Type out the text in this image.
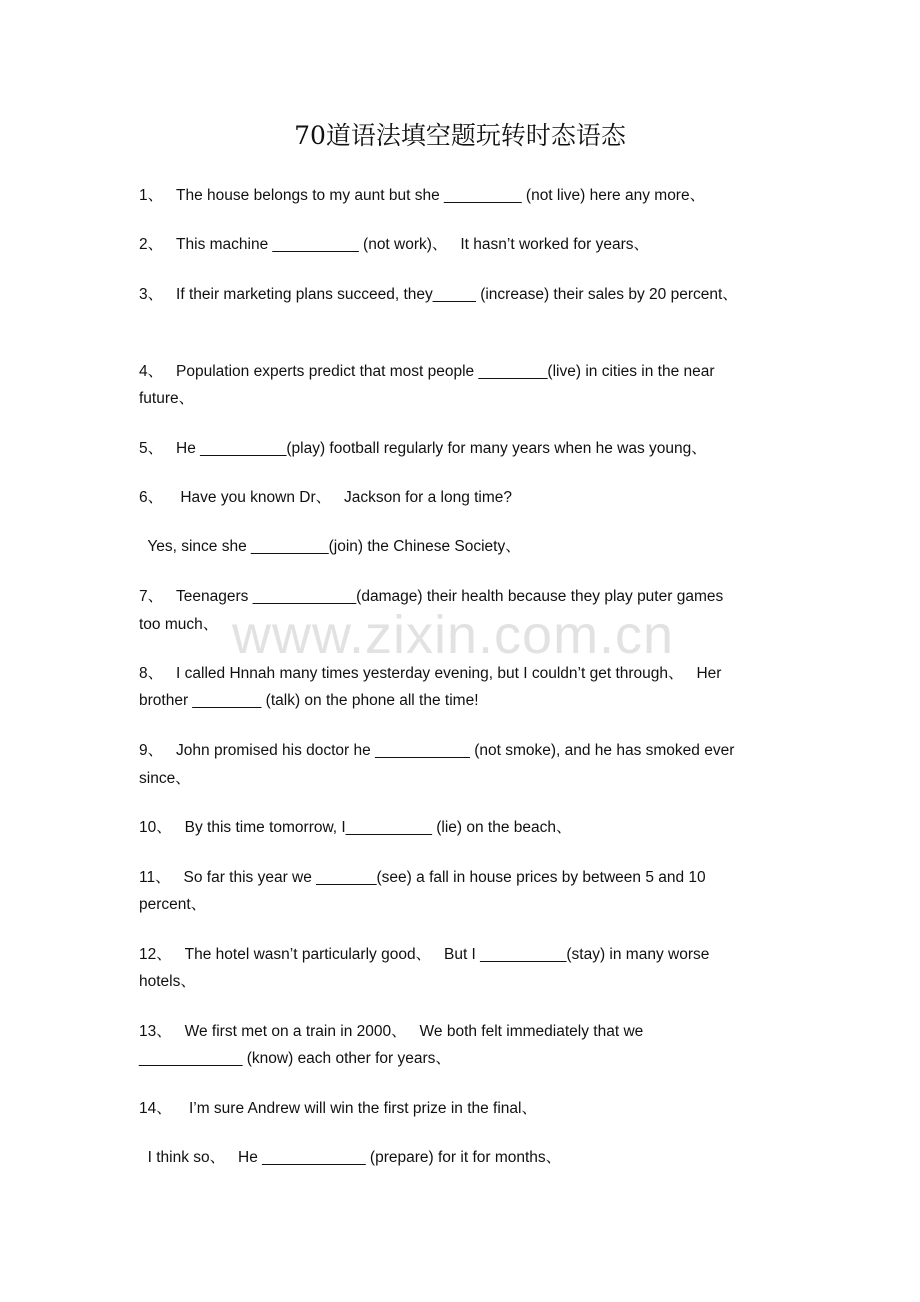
www.zixin.com.cn
70道语法填空题玩转时态语态
1、   The house belongs to my aunt but she _________ (not live) here any more、
2、   This machine __________ (not work)、   It hasn’t worked for years、
3、   If their marketing plans succeed, they_____ (increase) their sales by 20 percent、
4、   Population experts predict that most people ________(live) in cities in the near
future、
5、   He __________(play) football regularly for many years when he was young、
6、    Have you known Dr、   Jackson for a long time?
Yes, since she _________(join) the Chinese Society、
7、   Teenagers ____________(damage) their health because they play puter games
too much、
8、   I called Hnnah many times yesterday evening, but I couldn’t get through、   Her
brother ________ (talk) on the phone all the time!
9、   John promised his doctor he ___________ (not smoke), and he has smoked ever
since、
10、   By this time tomorrow, I__________ (lie) on the beach、
11、   So far this year we _______(see) a fall in house prices by between 5 and 10
percent、
12、   The hotel wasn’t particularly good、   But I __________(stay) in many worse
hotels、
13、   We first met on a train in 2000、   We both felt immediately that we
____________ (know) each other for years、
14、    I’m sure Andrew will win the first prize in the final、
I think so、   He ____________ (prepare) for it for months、
